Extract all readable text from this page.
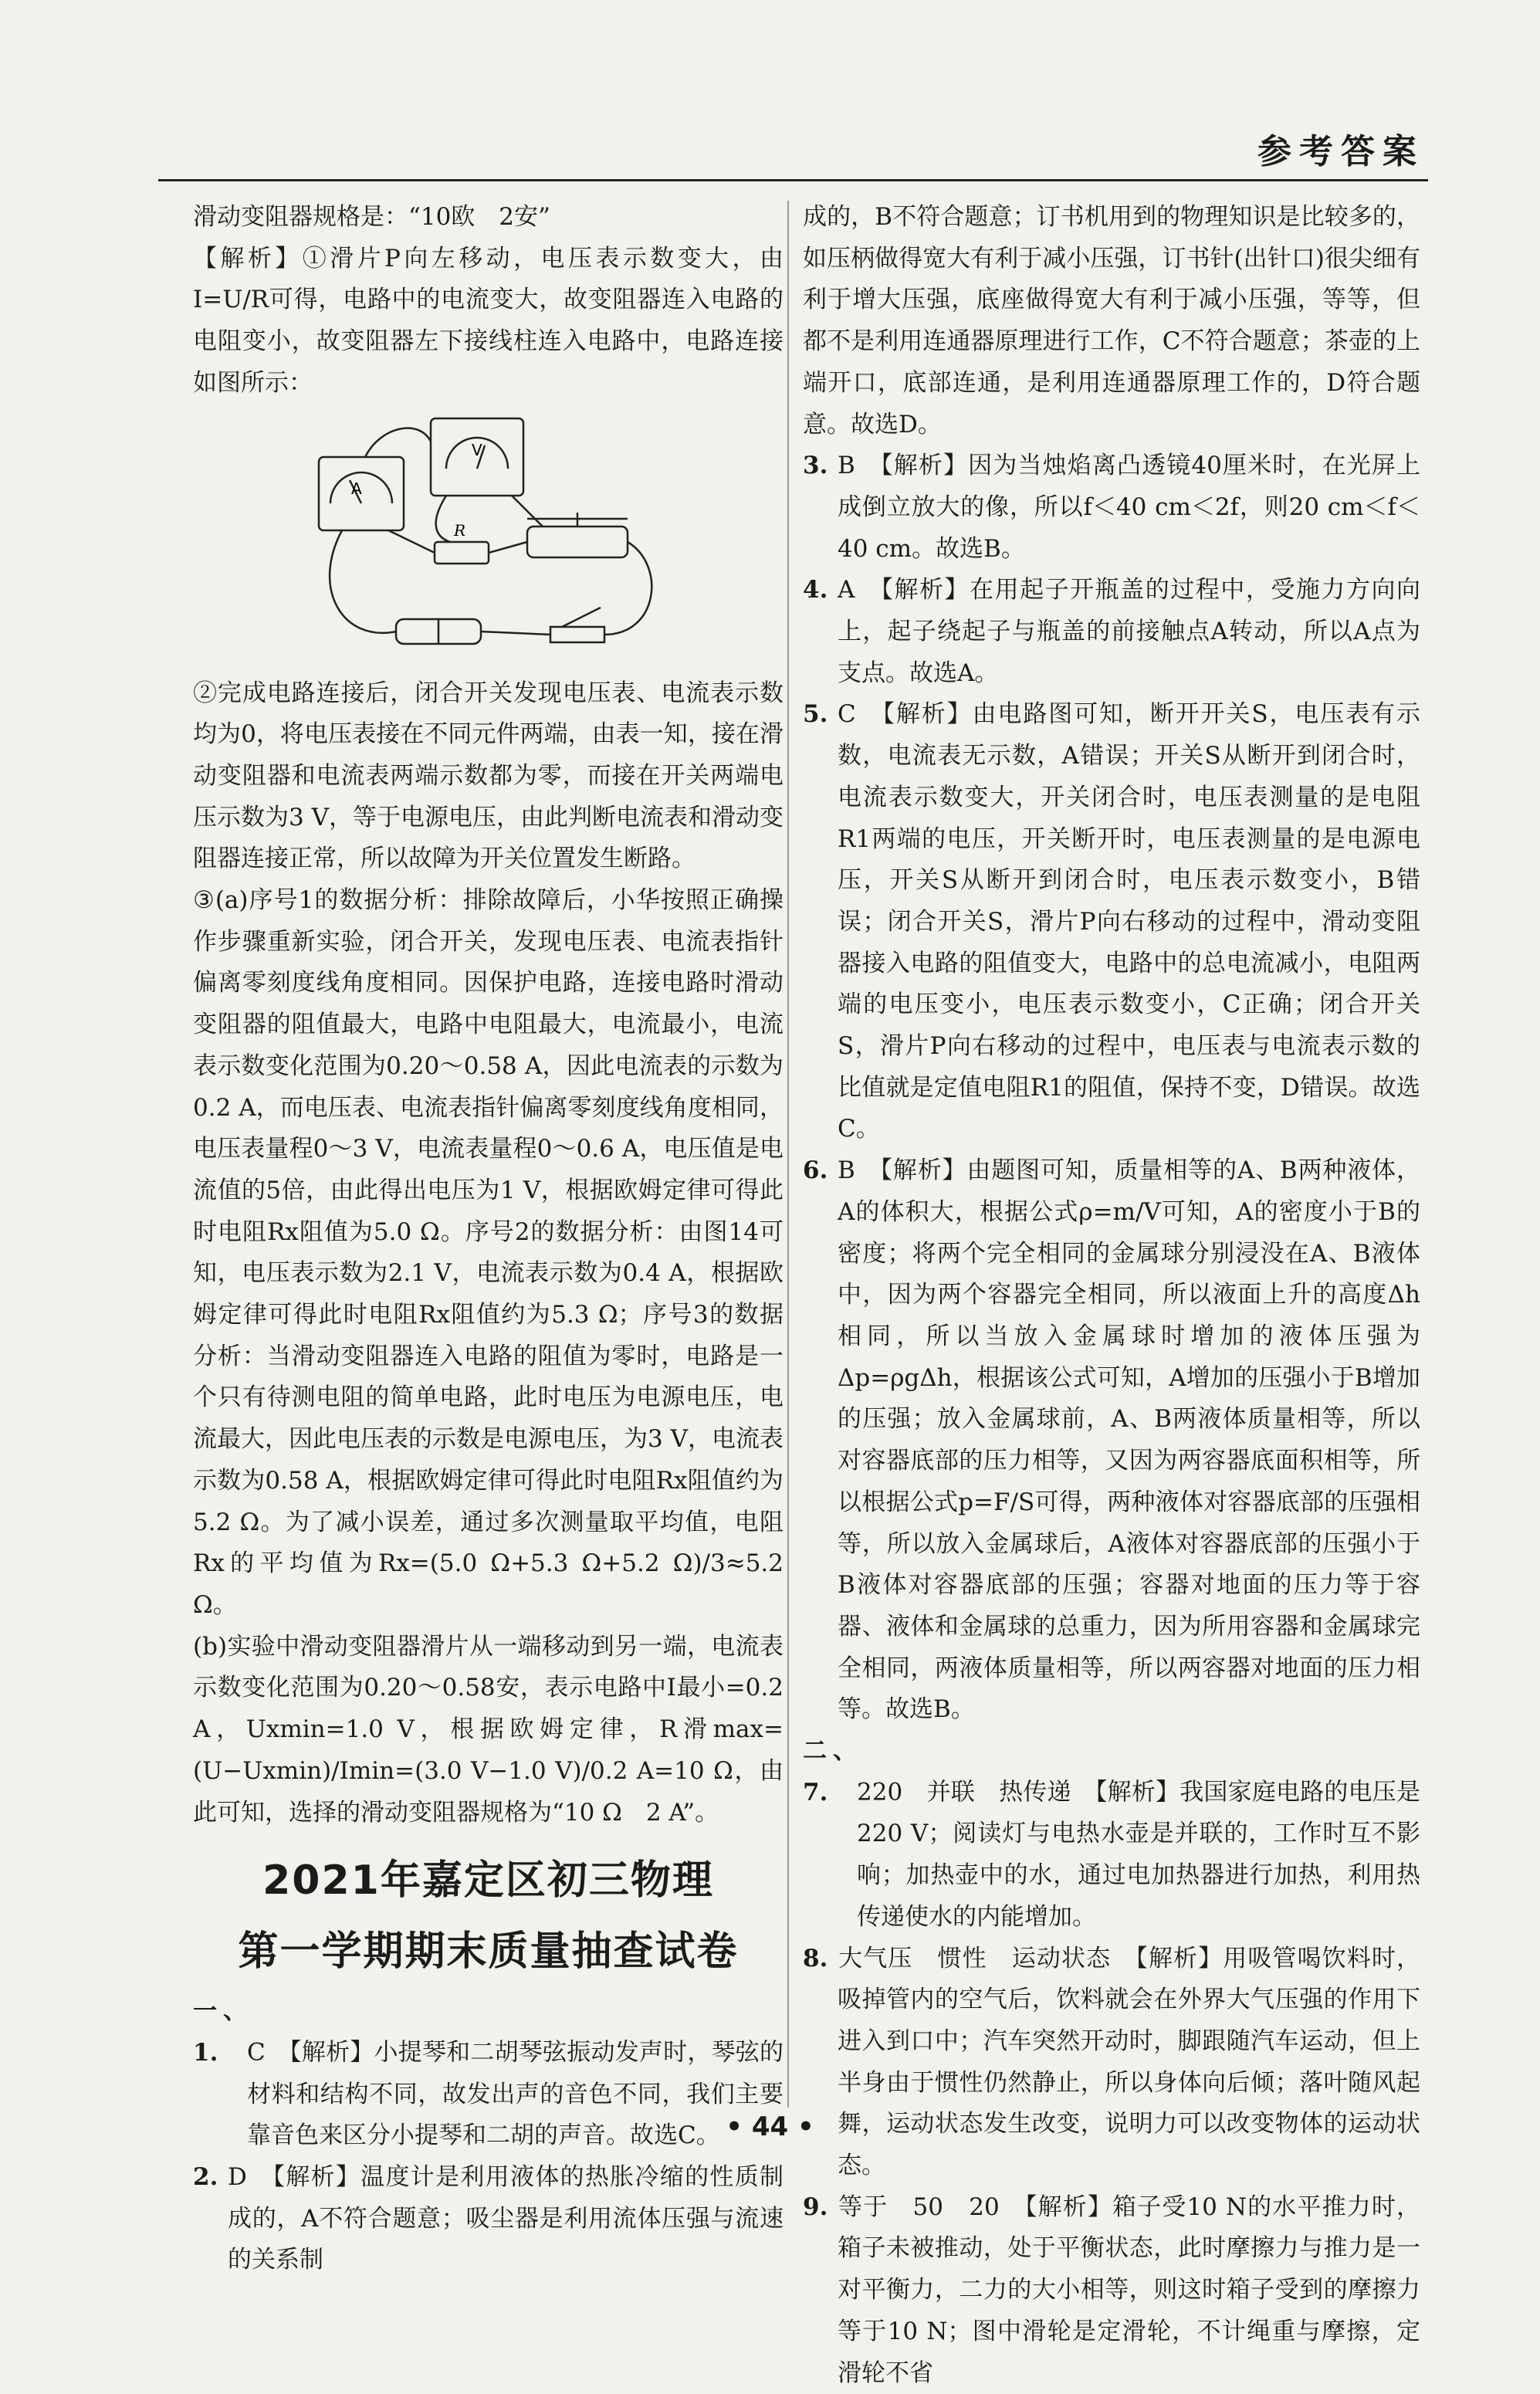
参考答案

滑动变阻器规格是：“10欧　2安”

【解析】①滑片P向左移动，电压表示数变大，由I=U/R可得，电路中的电流变大，故变阻器连入电路的电阻变小，故变阻器左下接线柱连入电路中，电路连接如图所示：

A
V
R

②完成电路连接后，闭合开关发现电压表、电流表示数均为0，将电压表接在不同元件两端，由表一知，接在滑动变阻器和电流表两端示数都为零，而接在开关两端电压示数为3 V，等于电源电压，由此判断电流表和滑动变阻器连接正常，所以故障为开关位置发生断路。

③(a)序号1的数据分析：排除故障后，小华按照正确操作步骤重新实验，闭合开关，发现电压表、电流表指针偏离零刻度线角度相同。因保护电路，连接电路时滑动变阻器的阻值最大，电路中电阻最大，电流最小，电流表示数变化范围为0.20～0.58 A，因此电流表的示数为0.2 A，而电压表、电流表指针偏离零刻度线角度相同，电压表量程0～3 V，电流表量程0～0.6 A，电压值是电流值的5倍，由此得出电压为1 V，根据欧姆定律可得此时电阻Rx阻值为5.0 Ω。序号2的数据分析：由图14可知，电压表示数为2.1 V，电流表示数为0.4 A，根据欧姆定律可得此时电阻Rx阻值约为5.3 Ω；序号3的数据分析：当滑动变阻器连入电路的阻值为零时，电路是一个只有待测电阻的简单电路，此时电压为电源电压，电流最大，因此电压表的示数是电源电压，为3 V，电流表示数为0.58 A，根据欧姆定律可得此时电阻Rx阻值约为5.2 Ω。为了减小误差，通过多次测量取平均值，电阻Rx的平均值为Rx=(5.0 Ω+5.3 Ω+5.2 Ω)/3≈5.2 Ω。

(b)实验中滑动变阻器滑片从一端移动到另一端，电流表示数变化范围为0.20～0.58安，表示电路中I最小=0.2 A，Uxmin=1.0 V，根据欧姆定律，R滑max=(U−Uxmin)/Imin=(3.0 V−1.0 V)/0.2 A=10 Ω，由此可知，选择的滑动变阻器规格为“10 Ω　2 A”。

2021年嘉定区初三物理
第一学期期末质量抽查试卷

一、1. C　【解析】小提琴和二胡琴弦振动发声时，琴弦的材料和结构不同，故发出声的音色不同，我们主要靠音色来区分小提琴和二胡的声音。故选C。

2. D　【解析】温度计是利用液体的热胀冷缩的性质制成的，A不符合题意；吸尘器是利用流体压强与流速的关系制

成的，B不符合题意；订书机用到的物理知识是比较多的，如压柄做得宽大有利于减小压强，订书针(出针口)很尖细有利于增大压强，底座做得宽大有利于减小压强，等等，但都不是利用连通器原理进行工作，C不符合题意；茶壶的上端开口，底部连通，是利用连通器原理工作的，D符合题意。故选D。

3. B　【解析】因为当烛焰离凸透镜40厘米时，在光屏上成倒立放大的像，所以f＜40 cm＜2f，则20 cm＜f＜40 cm。故选B。

4. A　【解析】在用起子开瓶盖的过程中，受施力方向向上，起子绕起子与瓶盖的前接触点A转动，所以A点为支点。故选A。

5. C　【解析】由电路图可知，断开开关S，电压表有示数，电流表无示数，A错误；开关S从断开到闭合时，电流表示数变大，开关闭合时，电压表测量的是电阻R1两端的电压，开关断开时，电压表测量的是电源电压，开关S从断开到闭合时，电压表示数变小，B错误；闭合开关S，滑片P向右移动的过程中，滑动变阻器接入电路的阻值变大，电路中的总电流减小，电阻两端的电压变小，电压表示数变小，C正确；闭合开关S，滑片P向右移动的过程中，电压表与电流表示数的比值就是定值电阻R1的阻值，保持不变，D错误。故选C。

6. B　【解析】由题图可知，质量相等的A、B两种液体，A的体积大，根据公式ρ=m/V可知，A的密度小于B的密度；将两个完全相同的金属球分别浸没在A、B液体中，因为两个容器完全相同，所以液面上升的高度Δh相同，所以当放入金属球时增加的液体压强为Δp=ρgΔh，根据该公式可知，A增加的压强小于B增加的压强；放入金属球前，A、B两液体质量相等，所以对容器底部的压力相等，又因为两容器底面积相等，所以根据公式p=F/S可得，两种液体对容器底部的压强相等，所以放入金属球后，A液体对容器底部的压强小于B液体对容器底部的压强；容器对地面的压力等于容器、液体和金属球的总重力，因为所用容器和金属球完全相同，两液体质量相等，所以两容器对地面的压力相等。故选B。

二、7. 220　并联　热传递　【解析】我国家庭电路的电压是220 V；阅读灯与电热水壶是并联的，工作时互不影响；加热壶中的水，通过电加热器进行加热，利用热传递使水的内能增加。

8. 大气压　惯性　运动状态　【解析】用吸管喝饮料时，吸掉管内的空气后，饮料就会在外界大气压强的作用下进入到口中；汽车突然开动时，脚跟随汽车运动，但上半身由于惯性仍然静止，所以身体向后倾；落叶随风起舞，运动状态发生改变，说明力可以改变物体的运动状态。

9. 等于　50　20　【解析】箱子受10 N的水平推力时，箱子未被推动，处于平衡状态，此时摩擦力与推力是一对平衡力，二力的大小相等，则这时箱子受到的摩擦力等于10 N；图中滑轮是定滑轮，不计绳重与摩擦，定滑轮不省

• 44 •
